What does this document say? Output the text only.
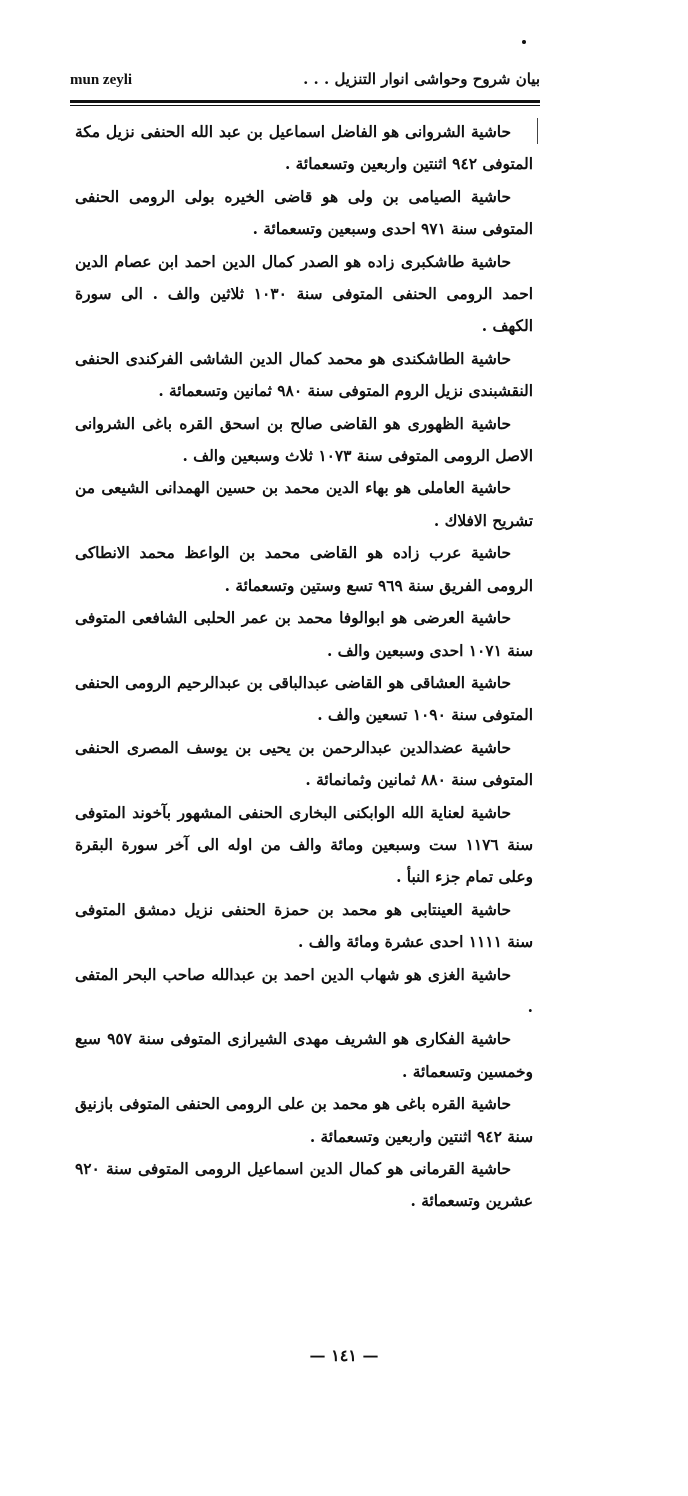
mun zeyli	بيان شروح وحواشى انوار التنزيل . . .

حاشية الشروانى هو الفاضل اسماعيل بن عبد الله الحنفى نزيل مكة المتوفى ٩٤٢ اثنتين واربعين وتسعمائة .

حاشية الصيامى بن ولى هو قاضى الخيره بولى الرومى الحنفى المتوفى سنة ٩٧١ احدى وسبعين وتسعمائة .

حاشية طاشكبرى زاده هو الصدر كمال الدين احمد ابن عصام الدين احمد الرومى الحنفى المتوفى سنة ١٠٣٠ ثلاثين والف . الى سورة الكهف .

حاشية الطاشكندى هو محمد كمال الدين الشاشى الفركندى الحنفى النقشبندى نزيل الروم المتوفى سنة ٩٨٠ ثمانين وتسعمائة .

حاشية الظهورى هو القاضى صالح بن اسحق القره باغى الشروانى الاصل الرومى المتوفى سنة ١٠٧٣ ثلاث وسبعين والف .

حاشية العاملى هو بهاء الدين محمد بن حسين الهمدانى الشيعى من تشريح الافلاك .

حاشية عرب زاده هو القاضى محمد بن الواعظ محمد الانطاكى الرومى الفريق سنة ٩٦٩ تسع وستين وتسعمائة .

حاشية العرضى هو ابوالوفا محمد بن عمر الحلبى الشافعى المتوفى سنة ١٠٧١ احدى وسبعين والف .

حاشية العشاقى هو القاضى عبدالباقى بن عبدالرحيم الرومى الحنفى المتوفى سنة ١٠٩٠ تسعين والف .

حاشية عضدالدين عبدالرحمن بن يحيى بن يوسف المصرى الحنفى المتوفى سنة ٨٨٠ ثمانين وثمانمائة .

حاشية لعناية الله الوابكنى البخارى الحنفى المشهور بآخوند المتوفى سنة ١١٧٦ ست وسبعين ومائة والف من اوله الى آخر سورة البقرة وعلى تمام جزء النبأ .

حاشية العينتابى هو محمد بن حمزة الحنفى نزيل دمشق المتوفى سنة ١١١١ احدى عشرة ومائة والف .

حاشية الغزى هو شهاب الدين احمد بن عبدالله صاحب البحر المتفى .

حاشية الفكارى هو الشريف مهدى الشيرازى المتوفى سنة ٩٥٧ سبع وخمسين وتسعمائة .

حاشية القره باغى هو محمد بن على الرومى الحنفى المتوفى بازنيق سنة ٩٤٢ اثنتين واربعين وتسعمائة .

حاشية القرمانى هو كمال الدين اسماعيل الرومى المتوفى سنة ٩٢٠ عشرين وتسعمائة .

— ١٤١ —
